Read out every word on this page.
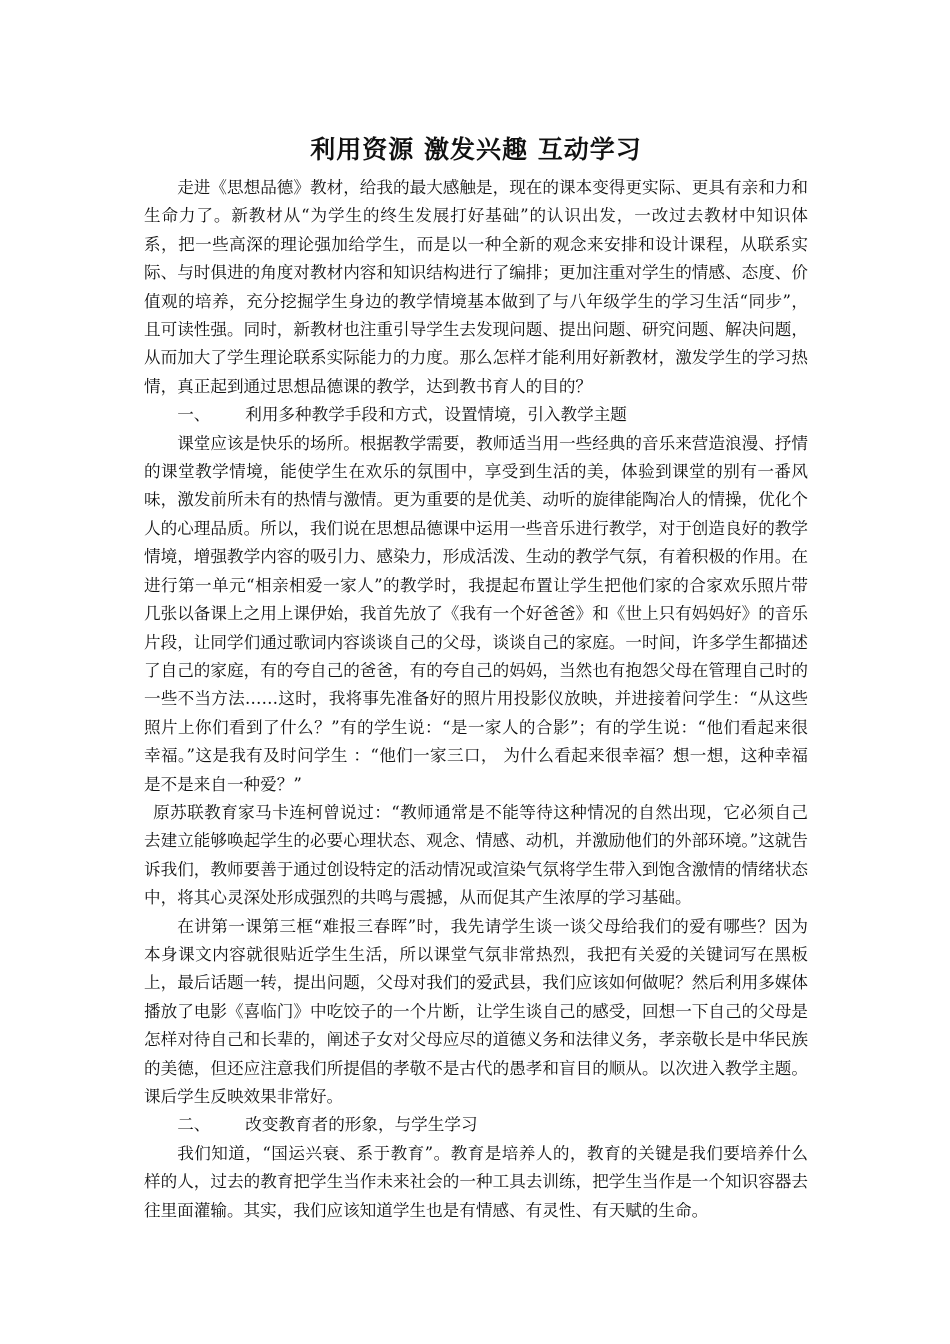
利用资源 激发兴趣 互动学习

走进《思想品德》教材，给我的最大感触是，现在的课本变得更实际、更具有亲和力和生命力了。新教材从“为学生的终生发展打好基础”的认识出发，一改过去教材中知识体系，把一些高深的理论强加给学生，而是以一种全新的观念来安排和设计课程，从联系实际、与时俱进的角度对教材内容和知识结构进行了编排；更加注重对学生的情感、态度、价值观的培养，充分挖掘学生身边的教学情境基本做到了与八年级学生的学习生活“同步”，且可读性强。同时，新教材也注重引导学生去发现问题、提出问题、研究问题、解决问题，从而加大了学生理论联系实际能力的力度。那么怎样才能利用好新教材，激发学生的学习热情，真正起到通过思想品德课的教学，达到教书育人的目的？

一、 利用多种教学手段和方式，设置情境，引入教学主题

课堂应该是快乐的场所。根据教学需要，教师适当用一些经典的音乐来营造浪漫、抒情的课堂教学情境，能使学生在欢乐的氛围中，享受到生活的美，体验到课堂的别有一番风味，激发前所未有的热情与激情。更为重要的是优美、动听的旋律能陶冶人的情操，优化个人的心理品质。所以，我们说在思想品德课中运用一些音乐进行教学，对于创造良好的教学情境，增强教学内容的吸引力、感染力，形成活泼、生动的教学气氛，有着积极的作用。在进行第一单元“相亲相爱一家人”的教学时，我提起布置让学生把他们家的合家欢乐照片带几张以备课上之用上课伊始，我首先放了《我有一个好爸爸》和《世上只有妈妈好》的音乐片段，让同学们通过歌词内容谈谈自己的父母，谈谈自己的家庭。一时间，许多学生都描述了自己的家庭，有的夸自己的爸爸，有的夸自己的妈妈，当然也有抱怨父母在管理自己时的一些不当方法……这时，我将事先准备好的照片用投影仪放映，并进接着问学生：“从这些照片上你们看到了什么？”有的学生说：“是一家人的合影”；有的学生说：“他们看起来很幸福。”这是我有及时问学生 ：“他们一家三口， 为什么看起来很幸福？想一想，这种幸福是不是来自一种爱？”

原苏联教育家马卡连柯曾说过：“教师通常是不能等待这种情况的自然出现，它必须自己去建立能够唤起学生的必要心理状态、观念、情感、动机，并激励他们的外部环境。”这就告诉我们，教师要善于通过创设特定的活动情况或渲染气氛将学生带入到饱含激情的情绪状态中，将其心灵深处形成强烈的共鸣与震撼，从而促其产生浓厚的学习基础。

在讲第一课第三框“难报三春晖”时，我先请学生谈一谈父母给我们的爱有哪些？因为本身课文内容就很贴近学生生活，所以课堂气氛非常热烈，我把有关爱的关键词写在黑板上，最后话题一转，提出问题，父母对我们的爱武县，我们应该如何做呢？然后利用多媒体播放了电影《喜临门》中吃饺子的一个片断，让学生谈自己的感受，回想一下自己的父母是怎样对待自己和长辈的，阐述子女对父母应尽的道德义务和法律义务，孝亲敬长是中华民族的美德，但还应注意我们所提倡的孝敬不是古代的愚孝和盲目的顺从。以次进入教学主题。课后学生反映效果非常好。

二、 改变教育者的形象，与学生学习

我们知道，“国运兴衰、系于教育”。教育是培养人的，教育的关键是我们要培养什么样的人，过去的教育把学生当作未来社会的一种工具去训练，把学生当作是一个知识容器去往里面灌输。其实，我们应该知道学生也是有情感、有灵性、有天赋的生命。
